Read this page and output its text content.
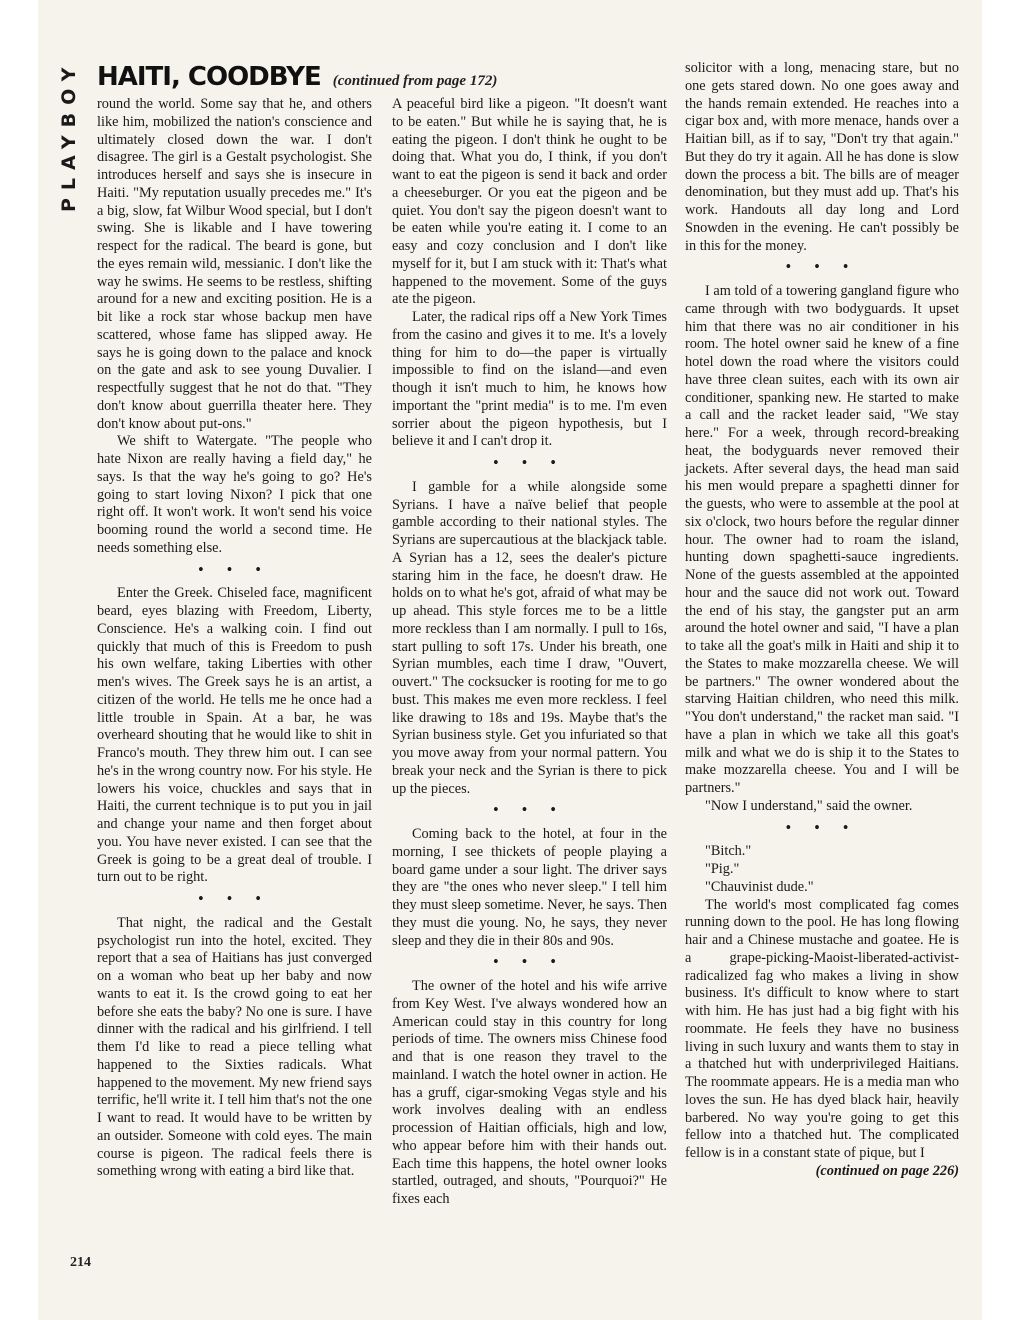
PLAYBOY HAITI, COODBYE (continued from page 172)

round the world. Some say that he, and others like him, mobilized the nation's conscience and ultimately closed down the war. I don't disagree. The girl is a Gestalt psychologist. She introduces herself and says she is insecure in Haiti. "My reputation usually precedes me." It's a big, slow, fat Wilbur Wood special, but I don't swing. She is likable and I have towering respect for the radical. The beard is gone, but the eyes remain wild, messianic. I don't like the way he swims. He seems to be restless, shifting around for a new and exciting position. He is a bit like a rock star whose backup men have scattered, whose fame has slipped away. He says he is going down to the palace and knock on the gate and ask to see young Duvalier. I respectfully suggest that he not do that. "They don't know about guerrilla theater here. They don't know about put-ons."

We shift to Watergate. "The people who hate Nixon are really having a field day," he says. Is that the way he's going to go? He's going to start loving Nixon? I pick that one right off. It won't work. It won't send his voice booming round the world a second time. He needs something else.

• • •

Enter the Greek. Chiseled face, magnificent beard, eyes blazing with Freedom, Liberty, Conscience. He's a walking coin. I find out quickly that much of this is Freedom to push his own welfare, taking Liberties with other men's wives. The Greek says he is an artist, a citizen of the world. He tells me he once had a little trouble in Spain. At a bar, he was overheard shouting that he would like to shit in Franco's mouth. They threw him out. I can see he's in the wrong country now. For his style. He lowers his voice, chuckles and says that in Haiti, the current technique is to put you in jail and change your name and then forget about you. You have never existed. I can see that the Greek is going to be a great deal of trouble. I turn out to be right.

• • •

That night, the radical and the Gestalt psychologist run into the hotel, excited. They report that a sea of Haitians has just converged on a woman who beat up her baby and now wants to eat it. Is the crowd going to eat her before she eats the baby? No one is sure. I have dinner with the radical and his girlfriend. I tell them I'd like to read a piece telling what happened to the Sixties radicals. What happened to the movement. My new friend says terrific, he'll write it. I tell him that's not the one I want to read. It would have to be written by an outsider. Someone with cold eyes. The main course is pigeon. The radical feels there is something wrong with eating a bird like that.

A peaceful bird like a pigeon. "It doesn't want to be eaten." But while he is saying that, he is eating the pigeon. I don't think he ought to be doing that. What you do, I think, if you don't want to eat the pigeon is send it back and order a cheeseburger. Or you eat the pigeon and be quiet. You don't say the pigeon doesn't want to be eaten while you're eating it. I come to an easy and cozy conclusion and I don't like myself for it, but I am stuck with it: That's what happened to the movement. Some of the guys ate the pigeon.

Later, the radical rips off a New York Times from the casino and gives it to me. It's a lovely thing for him to do—the paper is virtually impossible to find on the island—and even though it isn't much to him, he knows how important the "print media" is to me. I'm even sorrier about the pigeon hypothesis, but I believe it and I can't drop it.

• • •

I gamble for a while alongside some Syrians. I have a naïve belief that people gamble according to their national styles. The Syrians are supercautious at the blackjack table. A Syrian has a 12, sees the dealer's picture staring him in the face, he doesn't draw. He holds on to what he's got, afraid of what may be up ahead. This style forces me to be a little more reckless than I am normally. I pull to 16s, start pulling to soft 17s. Under his breath, one Syrian mumbles, each time I draw, "Ouvert, ouvert." The cocksucker is rooting for me to go bust. This makes me even more reckless. I feel like drawing to 18s and 19s. Maybe that's the Syrian business style. Get you infuriated so that you move away from your normal pattern. You break your neck and the Syrian is there to pick up the pieces.

• • •

Coming back to the hotel, at four in the morning, I see thickets of people playing a board game under a sour light. The driver says they are "the ones who never sleep." I tell him they must sleep sometime. Never, he says. Then they must die young. No, he says, they never sleep and they die in their 80s and 90s.

• • •

The owner of the hotel and his wife arrive from Key West. I've always wondered how an American could stay in this country for long periods of time. The owners miss Chinese food and that is one reason they travel to the mainland. I watch the hotel owner in action. He has a gruff, cigar-smoking Vegas style and his work involves dealing with an endless procession of Haitian officials, high and low, who appear before him with their hands out. Each time this happens, the hotel owner looks startled, outraged, and shouts, "Pourquoi?" He fixes each

solicitor with a long, menacing stare, but no one gets stared down. No one goes away and the hands remain extended. He reaches into a cigar box and, with more menace, hands over a Haitian bill, as if to say, "Don't try that again." But they do try it again. All he has done is slow down the process a bit. The bills are of meager denomination, but they must add up. That's his work. Handouts all day long and Lord Snowden in the evening. He can't possibly be in this for the money.

• • •

I am told of a towering gangland figure who came through with two bodyguards. It upset him that there was no air conditioner in his room. The hotel owner said he knew of a fine hotel down the road where the visitors could have three clean suites, each with its own air conditioner, spanking new. He started to make a call and the racket leader said, "We stay here." For a week, through record-breaking heat, the bodyguards never removed their jackets. After several days, the head man said his men would prepare a spaghetti dinner for the guests, who were to assemble at the pool at six o'clock, two hours before the regular dinner hour. The owner had to roam the island, hunting down spaghetti-sauce ingredients. None of the guests assembled at the appointed hour and the sauce did not work out. Toward the end of his stay, the gangster put an arm around the hotel owner and said, "I have a plan to take all the goat's milk in Haiti and ship it to the States to make mozzarella cheese. We will be partners." The owner wondered about the starving Haitian children, who need this milk. "You don't understand," the racket man said. "I have a plan in which we take all this goat's milk and what we do is ship it to the States to make mozzarella cheese. You and I will be partners."

"Now I understand," said the owner.

• • •

"Bitch."

"Pig."

"Chauvinist dude."

The world's most complicated fag comes running down to the pool. He has long flowing hair and a Chinese mustache and goatee. He is a grape-picking-Maoist-liberated-activist-radicalized fag who makes a living in show business. It's difficult to know where to start with him. He has just had a big fight with his roommate. He feels they have no business living in such luxury and wants them to stay in a thatched hut with underprivileged Haitians. The roommate appears. He is a media man who loves the sun. He has dyed black hair, heavily barbered. No way you're going to get this fellow into a thatched hut. The complicated fellow is in a constant state of pique, but I

(continued on page 226)

214
